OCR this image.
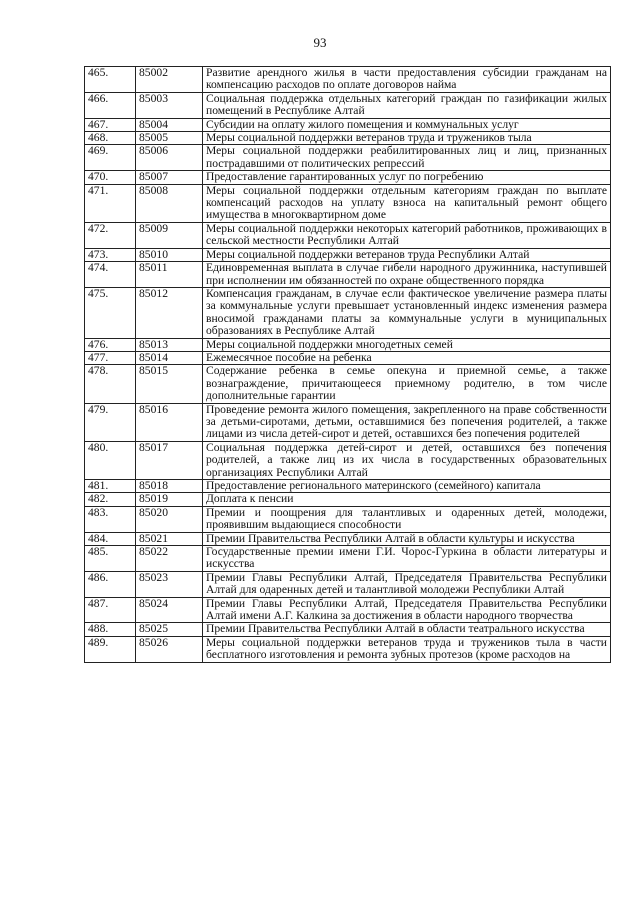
93
465.	85002	Развитие арендного жилья в части предоставления субсидии гражданам на компенсацию расходов по оплате договоров найма
466.	85003	Социальная поддержка отдельных категорий граждан по газификации жилых помещений в Республике Алтай
467.	85004	Субсидии на оплату жилого помещения и коммунальных услуг
468.	85005	Меры социальной поддержки ветеранов труда и тружеников тыла
469.	85006	Меры социальной поддержки реабилитированных лиц и лиц, признанных пострадавшими от политических репрессий
470.	85007	Предоставление гарантированных услуг по погребению
471.	85008	Меры социальной поддержки отдельным категориям граждан по выплате компенсаций расходов на уплату взноса на капитальный ремонт общего имущества в многоквартирном доме
472.	85009	Меры социальной поддержки некоторых категорий работников, проживающих в сельской местности Республики Алтай
473.	85010	Меры социальной поддержки ветеранов труда Республики Алтай
474.	85011	Единовременная выплата в случае гибели народного дружинника, наступившей при исполнении им обязанностей по охране общественного порядка
475.	85012	Компенсация гражданам, в случае если фактическое увеличение размера платы за коммунальные услуги превышает установленный индекс изменения размера вносимой гражданами платы за коммунальные услуги в муниципальных образованиях в Республике Алтай
476.	85013	Меры социальной поддержки многодетных семей
477.	85014	Ежемесячное пособие на ребенка
478.	85015	Содержание ребенка в семье опекуна и приемной семье, а также вознаграждение, причитающееся приемному родителю, в том числе дополнительные гарантии
479.	85016	Проведение ремонта жилого помещения, закрепленного на праве собственности за детьми-сиротами, детьми, оставшимися без попечения родителей, а также лицами из числа детей-сирот и детей, оставшихся без попечения родителей
480.	85017	Социальная поддержка детей-сирот и детей, оставшихся без попечения родителей, а также лиц из их числа в государственных образовательных организациях Республики Алтай
481.	85018	Предоставление регионального материнского (семейного) капитала
482.	85019	Доплата к пенсии
483.	85020	Премии и поощрения для талантливых и одаренных детей, молодежи, проявившим выдающиеся способности
484.	85021	Премии Правительства Республики Алтай в области культуры и искусства
485.	85022	Государственные премии имени Г.И. Чорос-Гуркина в области литературы и искусства
486.	85023	Премии Главы Республики Алтай, Председателя Правительства Республики Алтай для одаренных детей и талантливой молодежи Республики Алтай
487.	85024	Премии Главы Республики Алтай, Председателя Правительства Республики Алтай имени А.Г. Калкина за достижения в области народного творчества
488.	85025	Премии Правительства Республики Алтай в области театрального искусства
489.	85026	Меры социальной поддержки ветеранов труда и тружеников тыла в части бесплатного изготовления и ремонта зубных протезов (кроме расходов на
